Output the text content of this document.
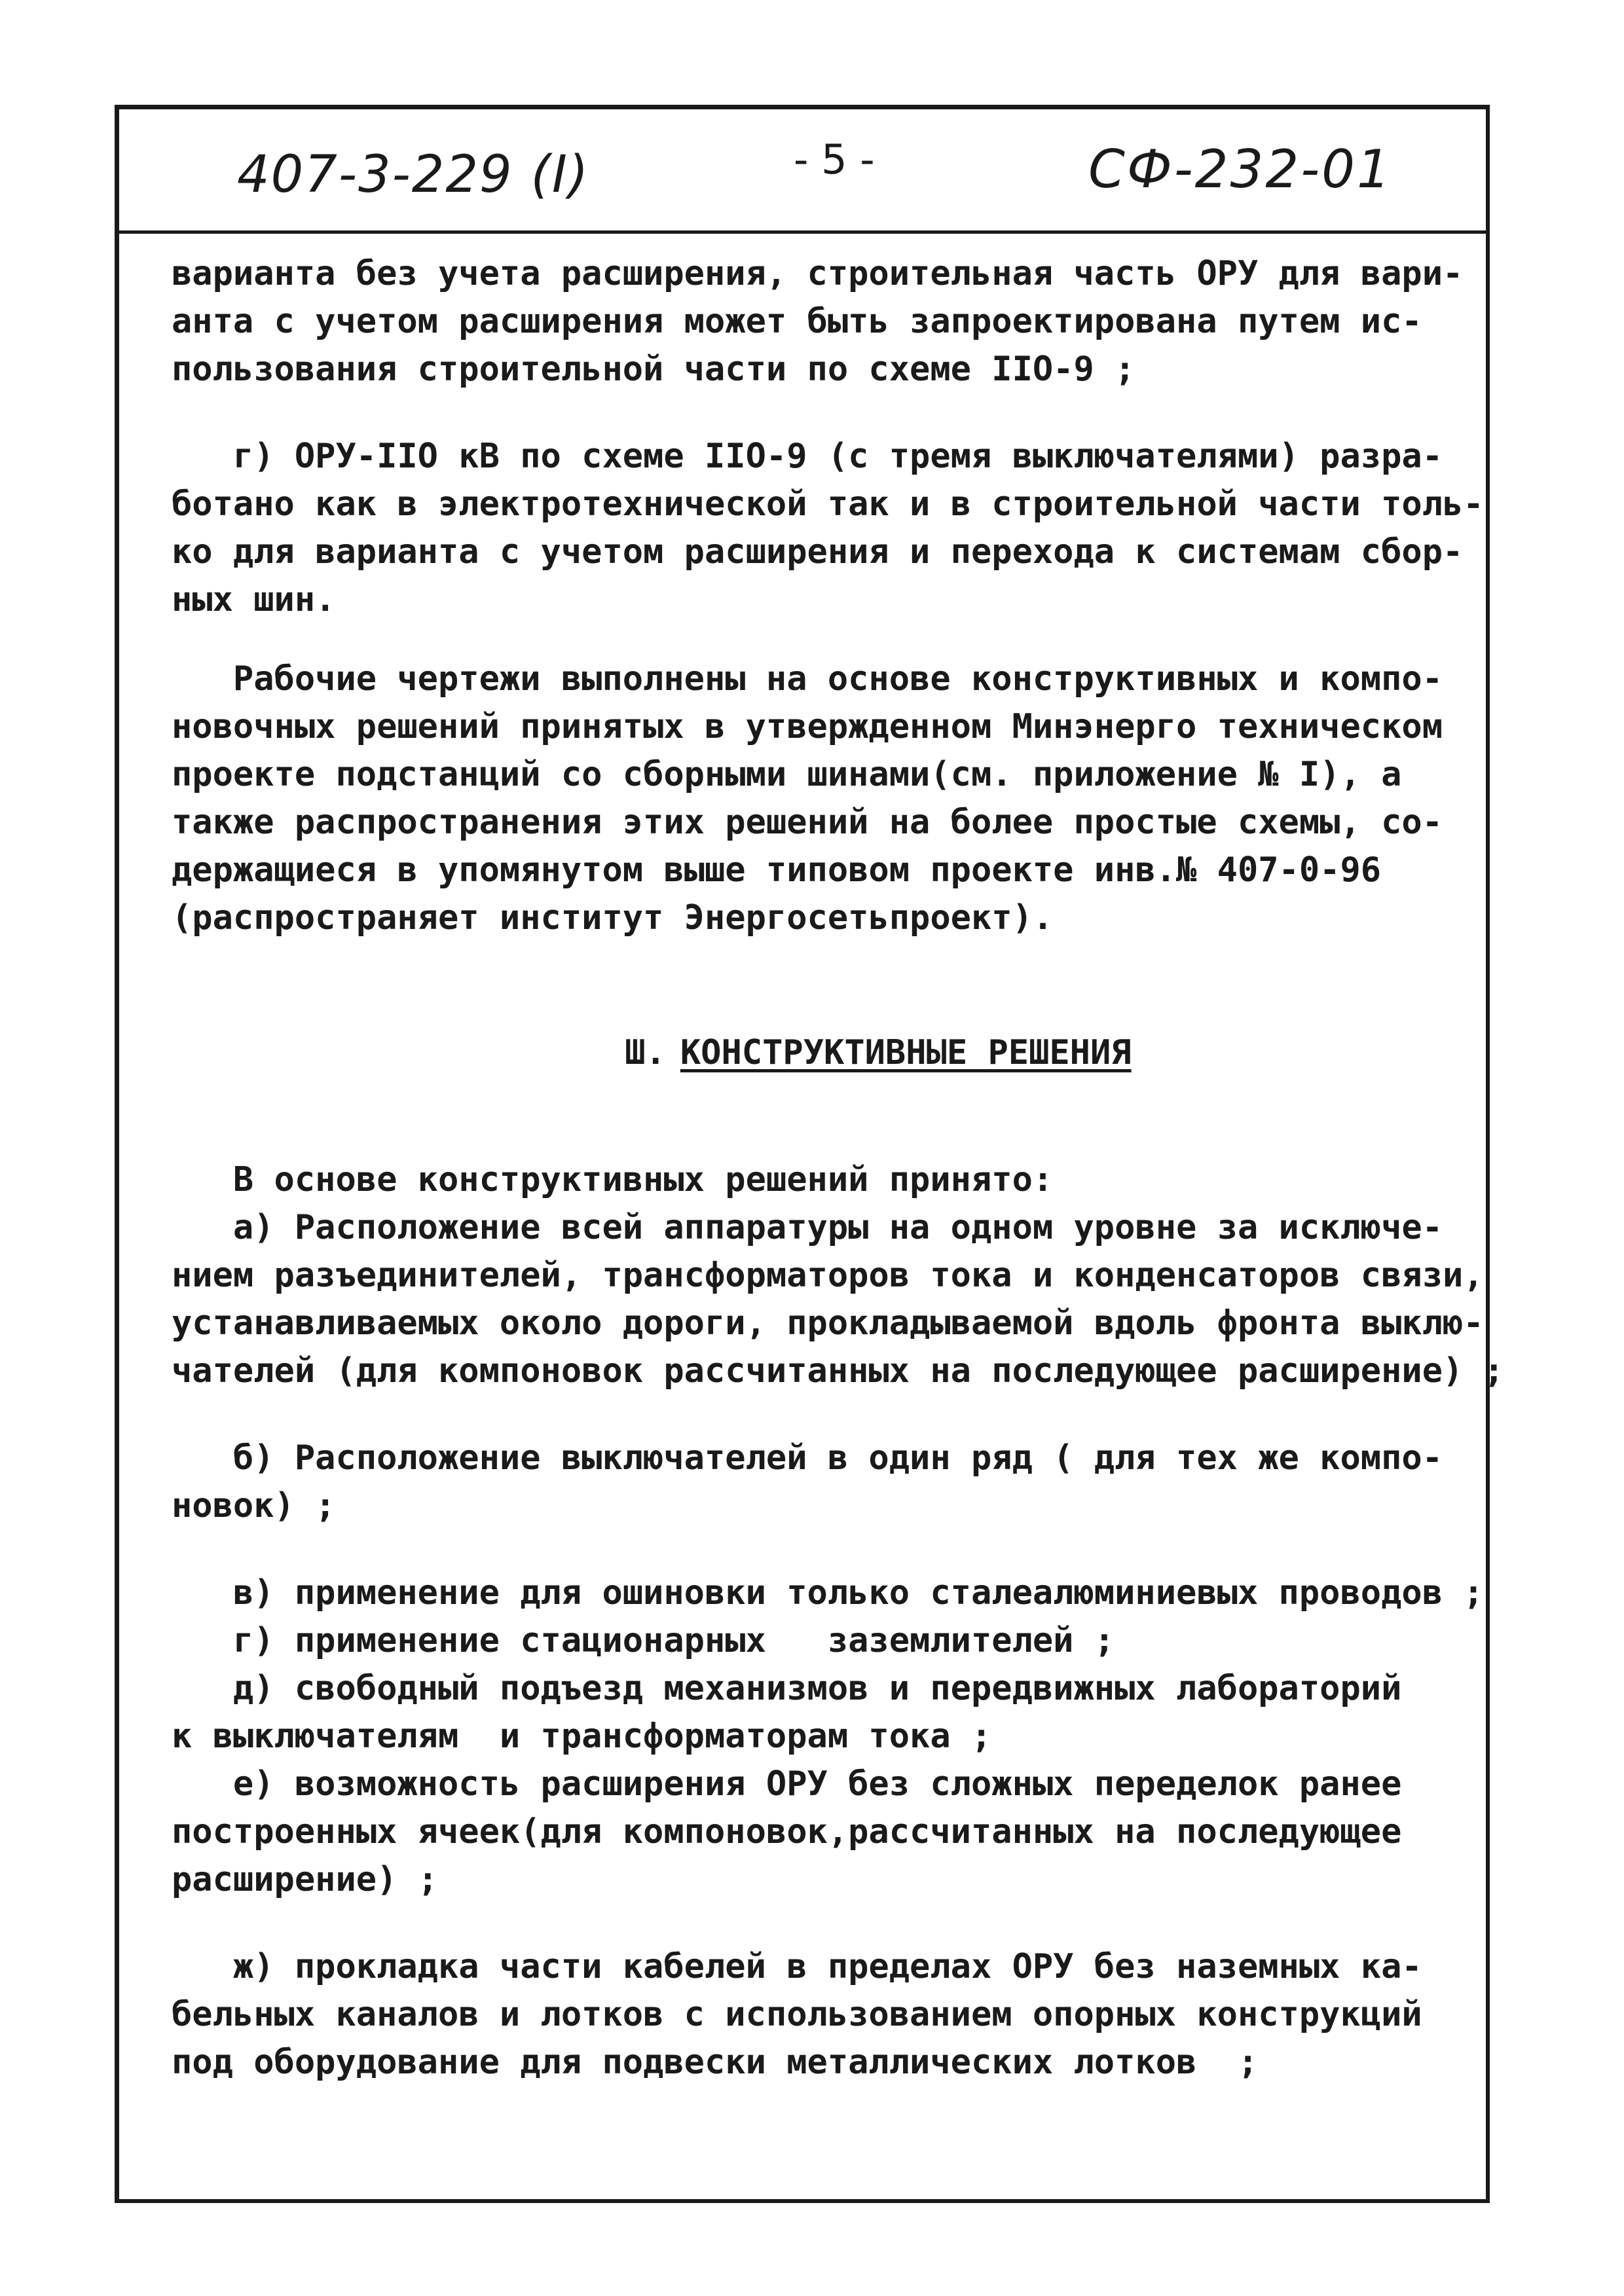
407-3-229 (I)	- 5 -	СФ-232-01

варианта без учета расширения, строительная часть ОРУ для вари-

анта с учетом расширения может быть запроектирована путем ис-

пользования строительной части по схеме IIO-9 ;

г) ОРУ-IIO кВ по схеме IIO-9 (с тремя выключателями) разра-

ботано как в электротехнической так и в строительной части толь-

ко для варианта с учетом расширения и перехода к системам сбор-

ных шин.

Рабочие чертежи выполнены на основе конструктивных и компо-

новочных решений принятых в утвержденном Минэнерго техническом

проекте подстанций со сборными шинами(см. приложение № I), а

также распространения этих решений на более простые схемы, со-

держащиеся в упомянутом выше типовом проекте инв.№ 407-0-96

(распространяет институт Энергосетьпроект).

Ш. КОНСТРУКТИВНЫЕ РЕШЕНИЯ

В основе конструктивных решений принято:

а) Расположение всей аппаратуры на одном уровне за исключе-

нием разъединителей, трансформаторов тока и конденсаторов связи,

устанавливаемых около дороги, прокладываемой вдоль фронта выклю-

чателей (для компоновок рассчитанных на последующее расширение) ;

б) Расположение выключателей в один ряд ( для тех же компо-

новок) ;

в) применение для ошиновки только сталеалюминиевых проводов ;

г) применение стационарных   заземлителей ;

д) свободный подъезд механизмов и передвижных лабораторий

к выключателям  и трансформаторам тока ;

е) возможность расширения ОРУ без сложных переделок ранее

построенных ячеек(для компоновок,рассчитанных на последующее

расширение) ;

ж) прокладка части кабелей в пределах ОРУ без наземных ка-

бельных каналов и лотков с использованием опорных конструкций

под оборудование для подвески металлических лотков  ;
